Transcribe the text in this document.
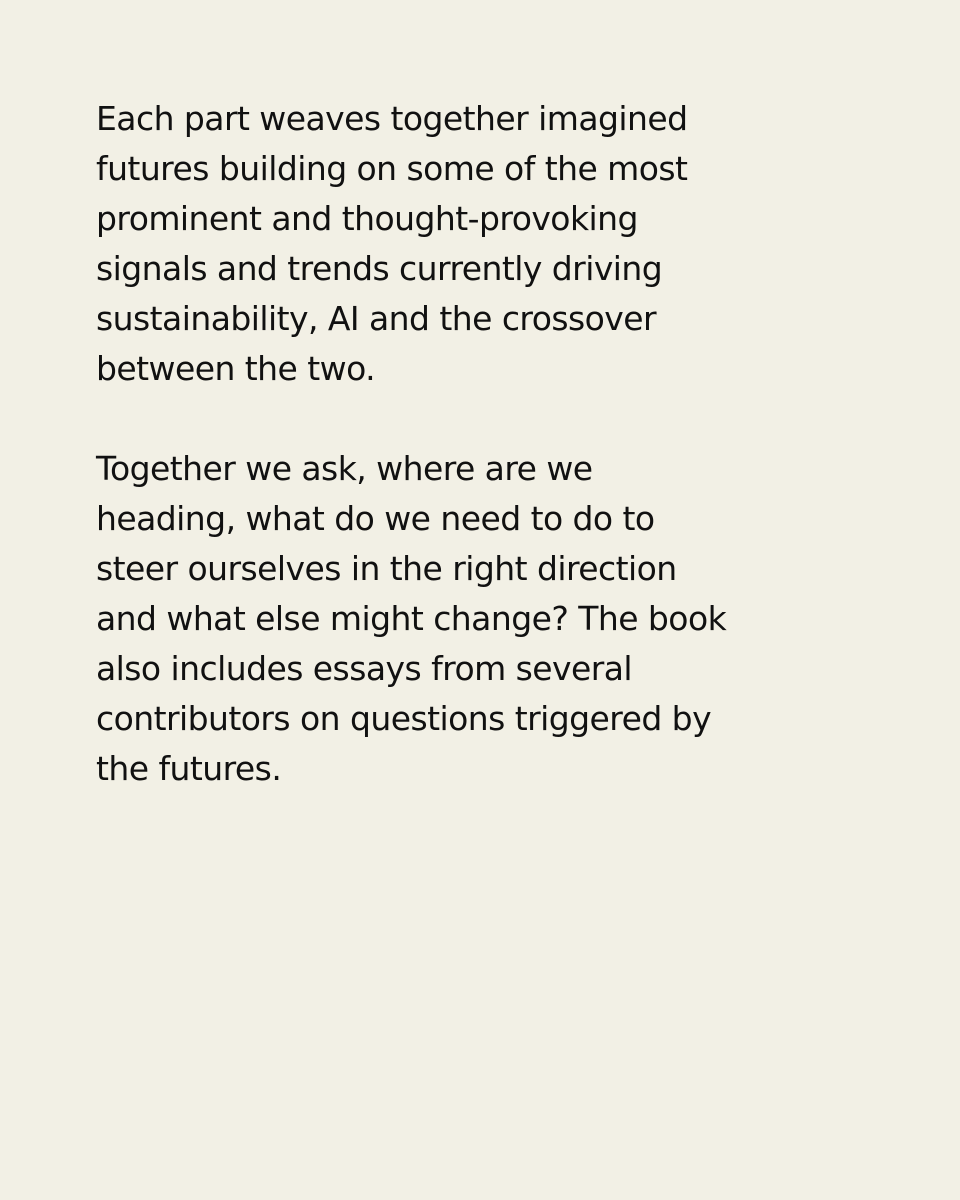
Each part weaves together imagined
futures building on some of the most
prominent and thought-provoking
signals and trends currently driving
sustainability, AI and the crossover
between the two.
Together we ask, where are we
heading, what do we need to do to
steer ourselves in the right direction
and what else might change? The book
also includes essays from several
contributors on questions triggered by
the futures.
